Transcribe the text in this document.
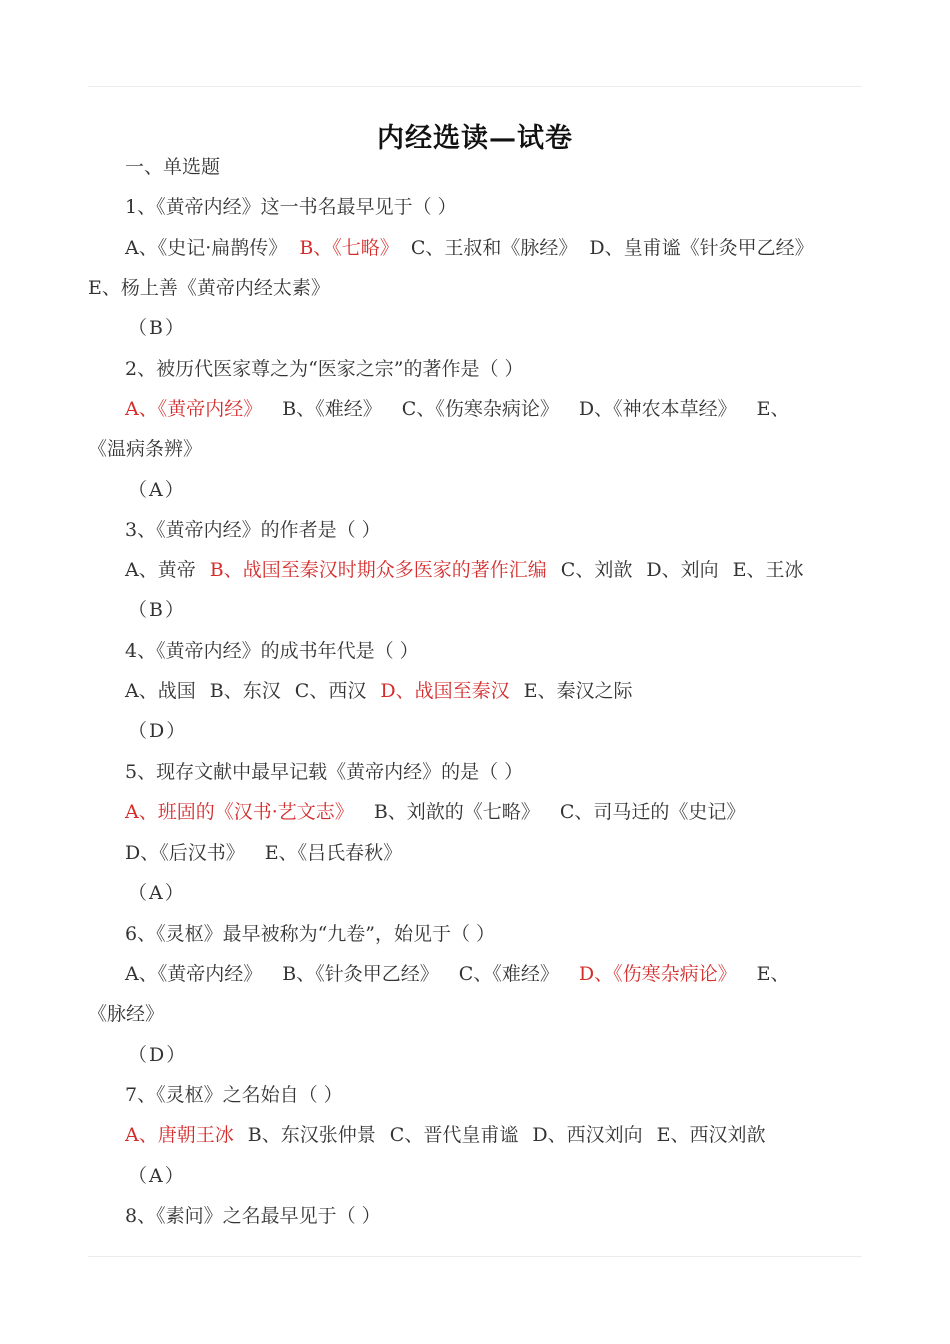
内经选读—试卷
一、单选题
1、《黄帝内经》这一书名最早见于（ ）
A、《史记·扁鹊传》 B、《七略》 C、王叔和《脉经》 D、皇甫谧《针灸甲乙经》
E、杨上善《黄帝内经太素》
（B）
2、被历代医家尊之为“医家之宗”的著作是（ ）
A、《黄帝内经》 B、《难经》 C、《伤寒杂病论》 D、《神农本草经》 E、
《温病条辨》
（A）
3、《黄帝内经》的作者是（ ）
A、黄帝 B、战国至秦汉时期众多医家的著作汇编 C、刘歆 D、刘向 E、王冰
（B）
4、《黄帝内经》的成书年代是（ ）
A、战国 B、东汉 C、西汉 D、战国至秦汉 E、秦汉之际
（D）
5、现存文献中最早记载《黄帝内经》的是（ ）
A、班固的《汉书·艺文志》 B、刘歆的《七略》 C、司马迁的《史记》
D、《后汉书》 E、《吕氏春秋》
（A）
6、《灵枢》最早被称为“九卷”，始见于（ ）
A、《黄帝内经》 B、《针灸甲乙经》 C、《难经》 D、《伤寒杂病论》 E、
《脉经》
（D）
7、《灵枢》之名始自（ ）
A、唐朝王冰 B、东汉张仲景 C、晋代皇甫谧 D、西汉刘向 E、西汉刘歆
（A）
8、《素问》之名最早见于（ ）
